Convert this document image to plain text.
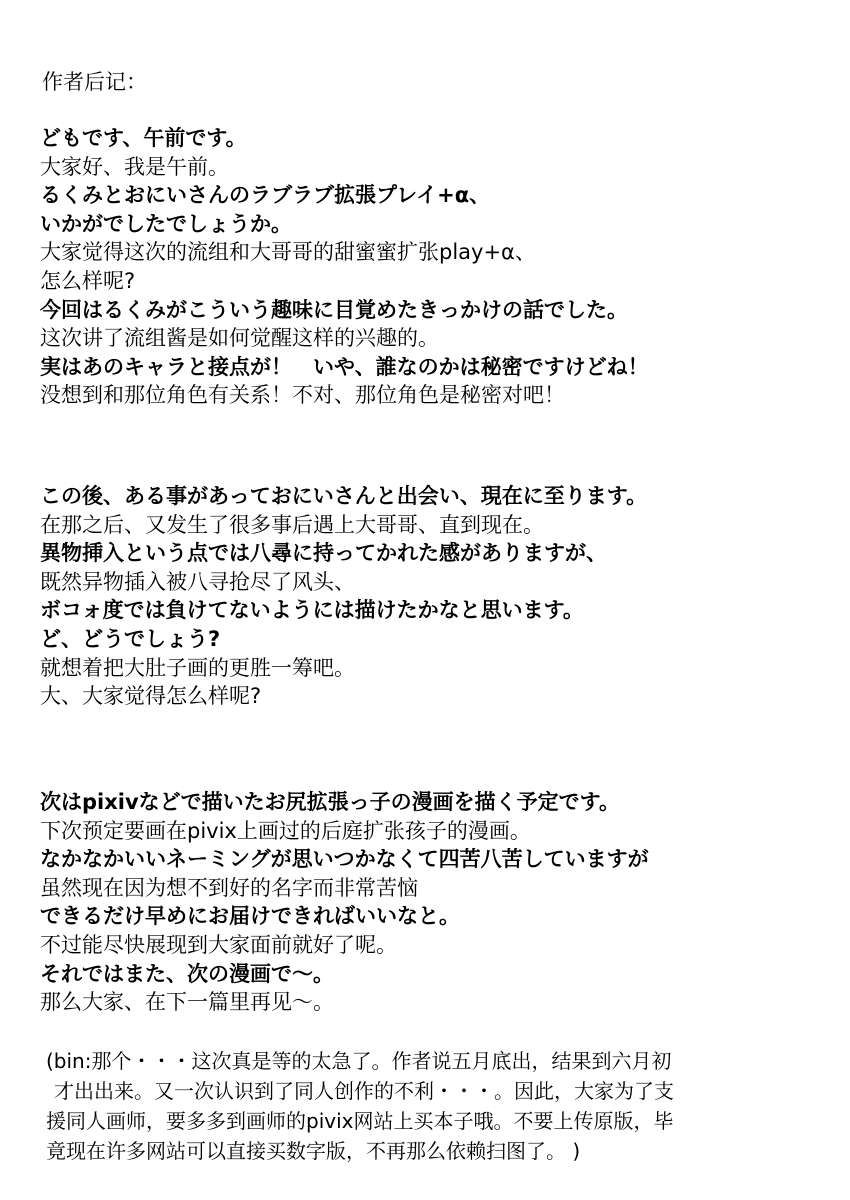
作者后记：
どもです、午前です。
大家好、我是午前。
るくみとおにいさんのラブラブ拡張プレイ+α、
いかがでしたでしょうか。
大家觉得这次的流组和大哥哥的甜蜜蜜扩张play+α、
怎么样呢?
今回はるくみがこういう趣味に目覚めたきっかけの話でした。
这次讲了流组酱是如何觉醒这样的兴趣的。
実はあのキャラと接点が！　いや、誰なのかは秘密ですけどね！
没想到和那位角色有关系！不对、那位角色是秘密对吧！
この後、ある事があっておにいさんと出会い、現在に至ります。
在那之后、又发生了很多事后遇上大哥哥、直到现在。
異物挿入という点では八尋に持ってかれた感がありますが、
既然异物插入被八寻抢尽了风头、
ボコォ度では負けてないようには描けたかなと思います。
ど、どうでしょう?
就想着把大肚子画的更胜一筹吧。
大、大家觉得怎么样呢?
次はpixivなどで描いたお尻拡張っ子の漫画を描く予定です。
下次预定要画在pivix上画过的后庭扩张孩子的漫画。
なかなかいいネーミングが思いつかなくて四苦八苦していますが
虽然现在因为想不到好的名字而非常苦恼
できるだけ早めにお届けできればいいなと。
不过能尽快展现到大家面前就好了呢。
それではまた、次の漫画で～。
那么大家、在下一篇里再见～。
(bin:那个・・・这次真是等的太急了。作者说五月底出，结果到六月初
才出出来。又一次认识到了同人创作的不利・・・。因此，大家为了支
援同人画师，要多多到画师的pivix网站上买本子哦。不要上传原版，毕
竟现在许多网站可以直接买数字版，不再那么依赖扫图了。 )
